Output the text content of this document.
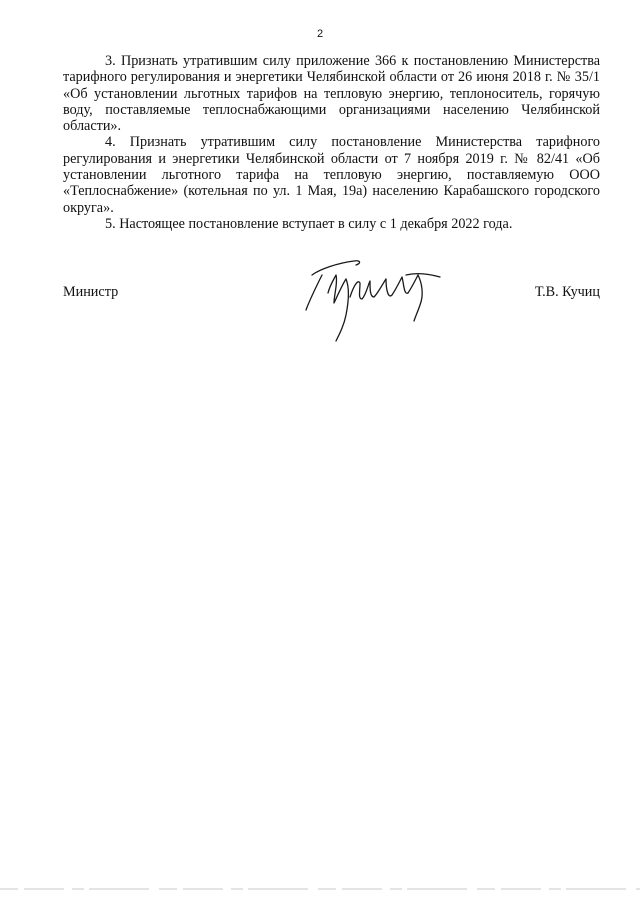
2

3. Признать утратившим силу приложение 366 к постановлению Министерства тарифного регулирования и энергетики Челябинской области от 26 июня 2018 г. № 35/1 «Об установлении льготных тарифов на тепловую энергию, теплоноситель, горячую воду, поставляемые теплоснабжающими организациями населению Челябинской области».

4. Признать утратившим силу постановление Министерства тарифного регулирования и энергетики Челябинской области от 7 ноября 2019 г. № 82/41 «Об установлении льготного тарифа на тепловую энергию, поставляемую ООО «Теплоснабжение» (котельная по ул. 1 Мая, 19а) населению Карабашского городского округа».

5. Настоящее постановление вступает в силу с 1 декабря 2022 года.

Министр	Т.В. Кучиц
